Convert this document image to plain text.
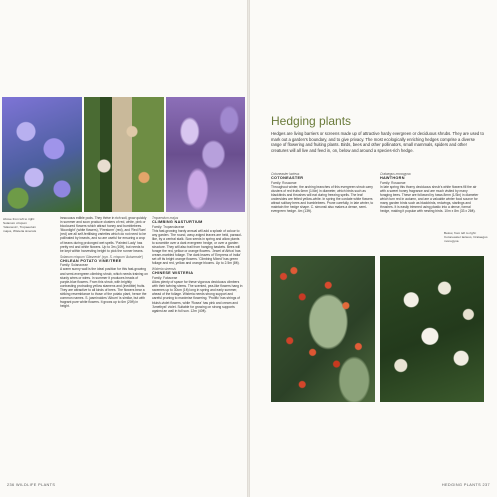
Above from left to right: Solanum crispum 'Glasnevin', Tropaeolum majus, Wisteria sinensis

innocuous edible pods. They thrive in rich soil, grow quickly in summer and soon produce clusters of red, white, pink or bicoloured flowers which attract honey and bumblebees. 'Moonlight' (white flowers), 'Firestorm' (red), and 'Red Rum' (red) are all self-fertilising varieties which do not need to be pollinated by insects, and so are useful for ensuring a crop of beans during prolonged wet spells. 'Painted Lady' has pretty red and white flowers. Up to 3m (10ft), but needs to be kept within harvesting height to pick the runner beans.

Solanum crispum 'Glasnevin' (syn. S. crispum 'Autumnale')
CHILEAN POTATO VINE/TREE
Family: Solanaceae

A warm sunny wall is the ideal position for this fast-growing and semi-evergreen climbing shrub, which needs training on sturdy wires or wires. In summer it produces heads of purple-blue flowers. From this shrub, with brightly contrasting protruding yellow stamens and (inedible) fruits. They are attractive to all kinds of bees. The flowers bear a striking resemblance to those of the potato plant, hence the common names. S. jasminoides 'Album' is similar, but with fragrant pure white flowers. It grows up to 6m (20ft) in height.

Tropaeolum majus
CLIMBING NASTURTIUM
Family: Tropaeolaceae

This fast-growing hardy annual will add a splash of colour to any garden. The round, wavy-edged leaves are held, parasol-like, by a central stalk. Sow seeds in spring and allow plants to scramble over a dark evergreen hedge, or over a garden structure. They will also trail from hanging baskets. Bees will forage the red, yellow or orange flowers. 'Jewel of Africa' has cream-marbled foliage. The dark leaves of 'Empress of India' set off its bright orange flowers. 'Climbing Mixed' has green foliage and red, yellow and orange blooms. Up to 2.5m (8ft).

Wisteria sinensis
CHINESE WISTERIA
Family: Fabaceae

Allow plenty of space for these vigorous deciduous climbers with their twining stems. The scented, pea-like flowers hang in racemes up to 30cm (1ft) long in spring and early summer, ahead of the foliage. Wisteria needs strong support and careful pruning to maximise flowering. 'Prolific' has strings of bluish-violet flowers, while 'Rosea' has pink and cream and 'Amethyst' violet. Suitable for growing on strong supports against an wall in full sun. 12m (40ft).

236 WILDLIFE PLANTS
Hedging plants
Hedges are living barriers or screens made up of attractive hardy evergreen or deciduous shrubs. They are used to mark out a garden's boundary, and to give privacy. The most ecologically enriching hedges comprise a diverse range of flowering and fruiting plants. Birds, bees and other pollinators, small mammals, spiders and other creatures will all live and feed in, on, below and around a species-rich hedge.
Cotoneaster lacteus
COTONEASTER
Family: Rosaceae

Throughout winter, the arching branches of this evergreen shrub carry clusters of red fruits 6mm (1/4in) in diameter, which birds such as blackbirds and thrushes will eat during freezing spells. The leaf undersides are felted yellow-white. In spring the cordate white flowers attract solitary bees and bumblebees. Prune carefully, in late winter, to maintain the hedge shape. C. simonsii also makes a dense, semi-evergreen hedge. 4m (13ft).

Crataegus monogyna
HAWTHORN
Family: Rosaceae

In late spring this thorny deciduous shrub's white flowers fill the air with a sweet honey fragrance and are much visited by many foraging bees. These are followed by haws 8mm (1/3in) in diameter which turn red in autumn, and are a valuable winter food source for many garden birds such as blackbirds, redwings, starlings and thrushes. It is easily trimmed using plastic into a dense, formal hedge, making it popular with nesting birds. 10m x 8m (33 x 26ft).

Below, from left to right: Cotoneaster lacteus, Crataegus monogyna
HEDGING PLANTS 237
